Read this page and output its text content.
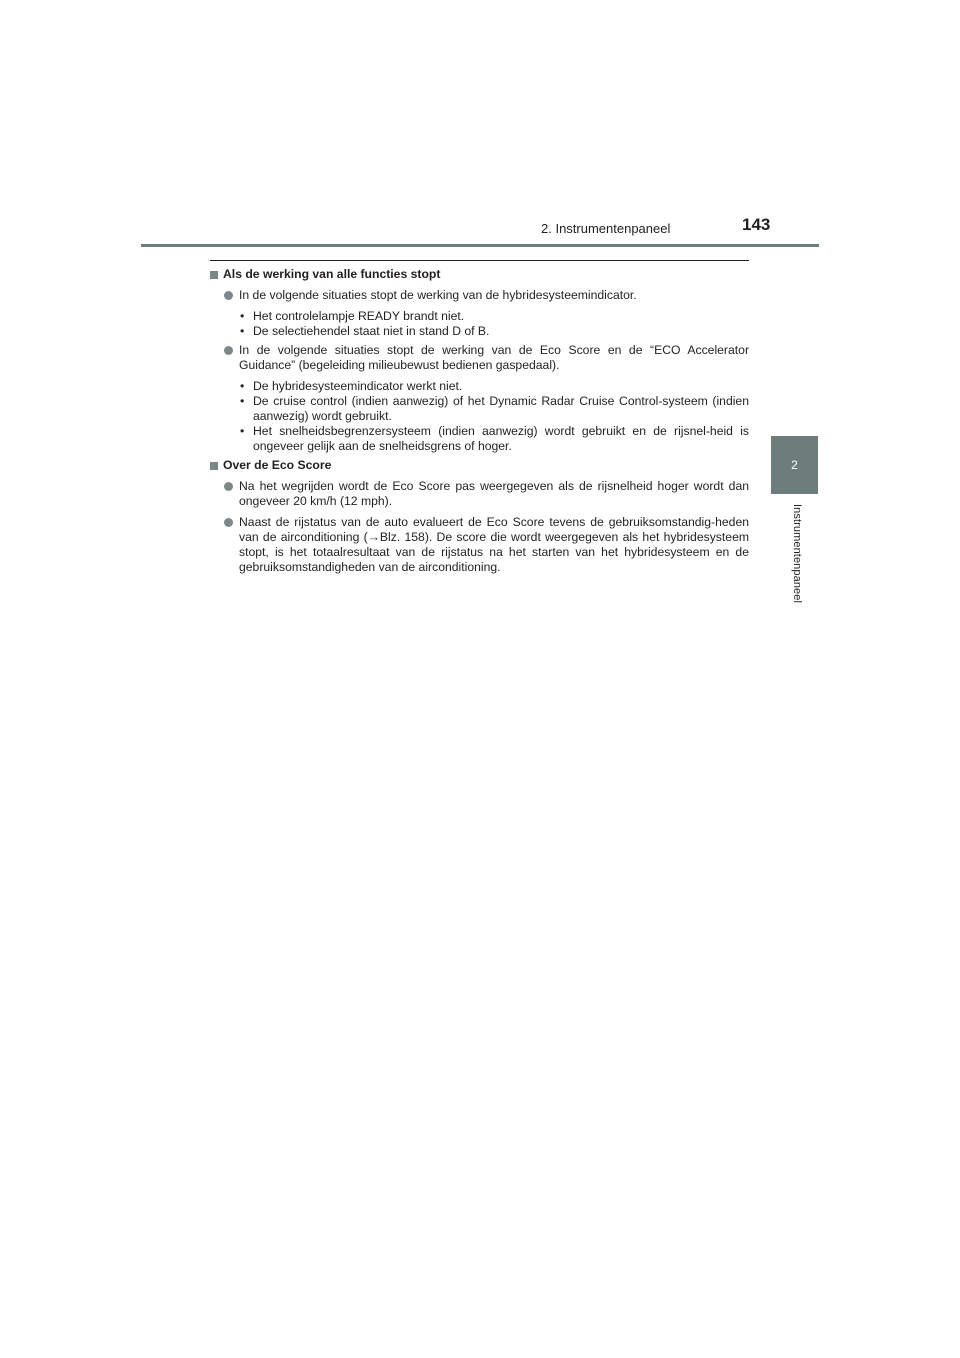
2. Instrumentenpaneel	143
2
Instrumentenpaneel
Als de werking van alle functies stopt
In de volgende situaties stopt de werking van de hybridesysteemindicator.
• Het controlelampje READY brandt niet.
• De selectiehendel staat niet in stand D of B.
In de volgende situaties stopt de werking van de Eco Score en de “ECO Accelerator Guidance” (begeleiding milieubewust bedienen gaspedaal).
• De hybridesysteemindicator werkt niet.
• De cruise control (indien aanwezig) of het Dynamic Radar Cruise Control-systeem (indien aanwezig) wordt gebruikt.
• Het snelheidsbegrenzersysteem (indien aanwezig) wordt gebruikt en de rijsnel-heid is ongeveer gelijk aan de snelheidsgrens of hoger.
Over de Eco Score
Na het wegrijden wordt de Eco Score pas weergegeven als de rijsnelheid hoger wordt dan ongeveer 20 km/h (12 mph).
Naast de rijstatus van de auto evalueert de Eco Score tevens de gebruiksomstandig-heden van de airconditioning (→Blz. 158). De score die wordt weergegeven als het hybridesysteem stopt, is het totaalresultaat van de rijstatus na het starten van het hybridesysteem en de gebruiksomstandigheden van de airconditioning.
